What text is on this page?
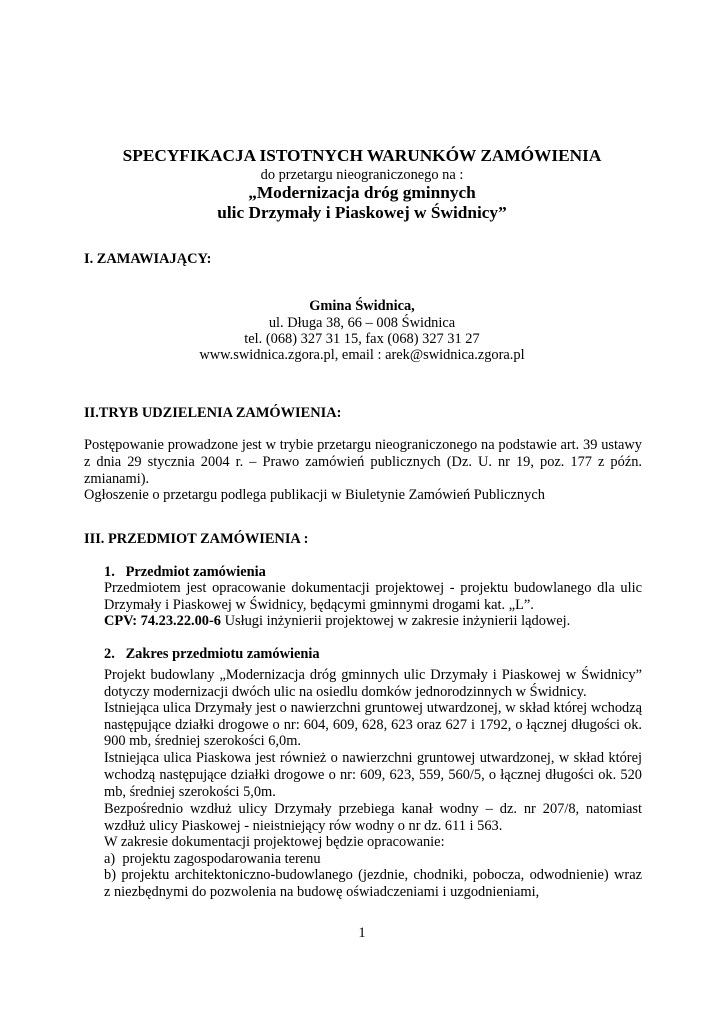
SPECYFIKACJA ISTOTNYCH WARUNKÓW ZAMÓWIENIA
do przetargu nieograniczonego na :
„Modernizacja dróg gminnych
ulic Drzymały i Piaskowej w Świdnicy”
I. ZAMAWIAJĄCY:
Gmina Świdnica,
ul. Długa 38, 66 – 008 Świdnica
tel. (068) 327 31 15, fax (068) 327 31 27
www.swidnica.zgora.pl, email : arek@swidnica.zgora.pl
II.TRYB UDZIELENIA ZAMÓWIENIA:
Postępowanie prowadzone jest w trybie przetargu nieograniczonego na podstawie art. 39 ustawy
z dnia 29 stycznia 2004 r. – Prawo zamówień publicznych (Dz. U. nr 19, poz. 177 z późn.
zmianami).
Ogłoszenie o przetargu podlega publikacji w Biuletynie Zamówień Publicznych
III. PRZEDMIOT ZAMÓWIENIA :
1.   Przedmiot zamówienia
Przedmiotem jest opracowanie dokumentacji projektowej - projektu budowlanego dla ulic
Drzymały i Piaskowej w Świdnicy, będącymi gminnymi drogami kat. „L”.
CPV: 74.23.22.00-6 Usługi inżynierii projektowej w zakresie inżynierii lądowej.
2.   Zakres przedmiotu zamówienia
Projekt budowlany „Modernizacja dróg gminnych ulic Drzymały i Piaskowej w Świdnicy”
dotyczy modernizacji dwóch ulic na osiedlu domków jednorodzinnych w Świdnicy.
Istniejąca ulica Drzymały jest o nawierzchni gruntowej utwardzonej, w skład której wchodzą
następujące działki drogowe o nr: 604, 609, 628, 623 oraz 627 i 1792, o łącznej długości ok.
900 mb, średniej szerokości 6,0m.
Istniejąca ulica Piaskowa jest również o nawierzchni gruntowej utwardzonej, w skład której
wchodzą następujące działki drogowe o nr: 609, 623, 559, 560/5, o łącznej długości ok. 520
mb, średniej szerokości 5,0m.
Bezpośrednio wzdłuż ulicy Drzymały przebiega kanał wodny – dz. nr 207/8, natomiast
wzdłuż ulicy Piaskowej - nieistniejący rów wodny o nr dz. 611 i 563.
W zakresie dokumentacji projektowej będzie opracowanie:
a)  projektu zagospodarowania terenu
b) projektu architektoniczno-budowlanego (jezdnie, chodniki, pobocza, odwodnienie) wraz
z niezbędnymi do pozwolenia na budowę oświadczeniami i uzgodnieniami,
1
